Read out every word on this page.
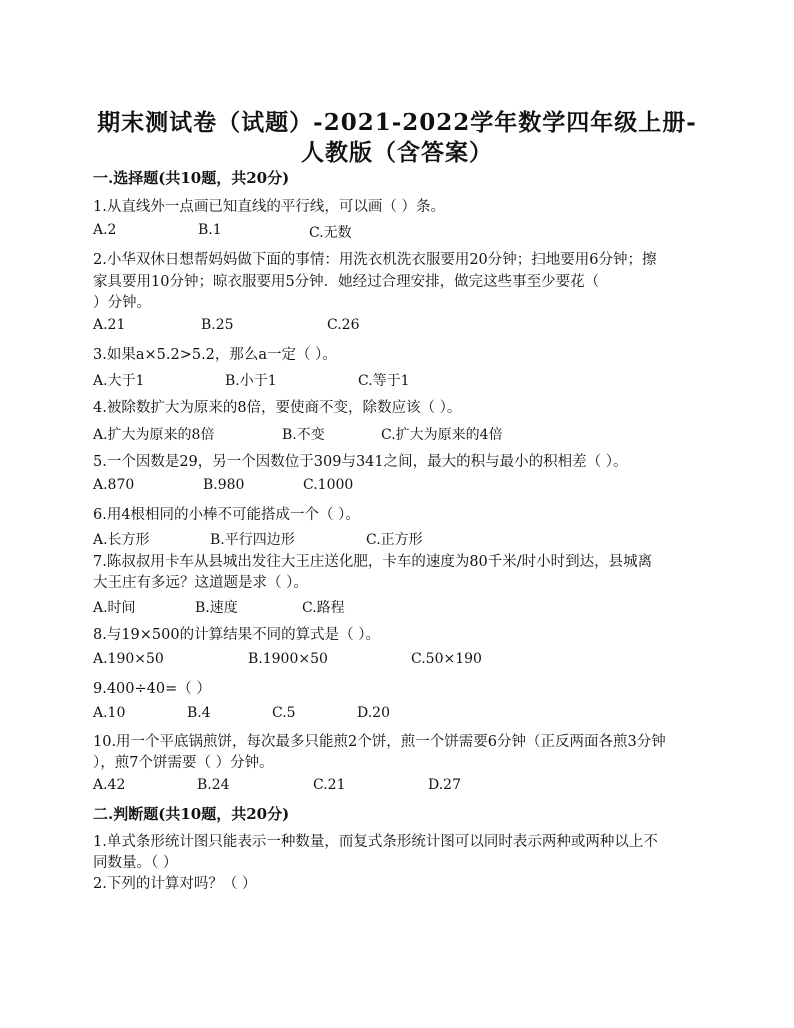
期末测试卷（试题）-2021-2022学年数学四年级上册-
人教版（含答案）
一.选择题(共10题，共20分)
1.从直线外一点画已知直线的平行线，可以画（ ）条。
A.2	B.1	C.无数
2.小华双休日想帮妈妈做下面的事情：用洗衣机洗衣服要用20分钟；扫地要用6分钟；擦
家具要用10分钟；晾衣服要用5分钟．她经过合理安排，做完这些事至少要花（
）分钟。
A.21	B.25	C.26
3.如果a×5.2>5.2，那么a一定（ ）。
A.大于1	B.小于1	C.等于1
4.被除数扩大为原来的8倍，要使商不变，除数应该（ ）。
A.扩大为原来的8倍	B.不变	C.扩大为原来的4倍
5.一个因数是29，另一个因数位于309与341之间，最大的积与最小的积相差（ ）。
A.870	B.980	C.1000
6.用4根相同的小棒不可能搭成一个（ ）。
A.长方形	B.平行四边形	C.正方形
7.陈叔叔用卡车从县城出发往大王庄送化肥，卡车的速度为80千米/时小时到达，县城离
大王庄有多远？这道题是求（ ）。
A.时间	B.速度	C.路程
8.与19×500的计算结果不同的算式是（ ）。
A.190×50	B.1900×50	C.50×190
9.400÷40=（ ）
A.10	B.4	C.5	D.20
10.用一个平底锅煎饼，每次最多只能煎2个饼，煎一个饼需要6分钟（正反两面各煎3分钟
），煎7个饼需要（ ）分钟。
A.42	B.24	C.21	D.27
二.判断题(共10题，共20分)
1.单式条形统计图只能表示一种数量，而复式条形统计图可以同时表示两种或两种以上不
同数量。（ ）
2.下列的计算对吗？（ ）
